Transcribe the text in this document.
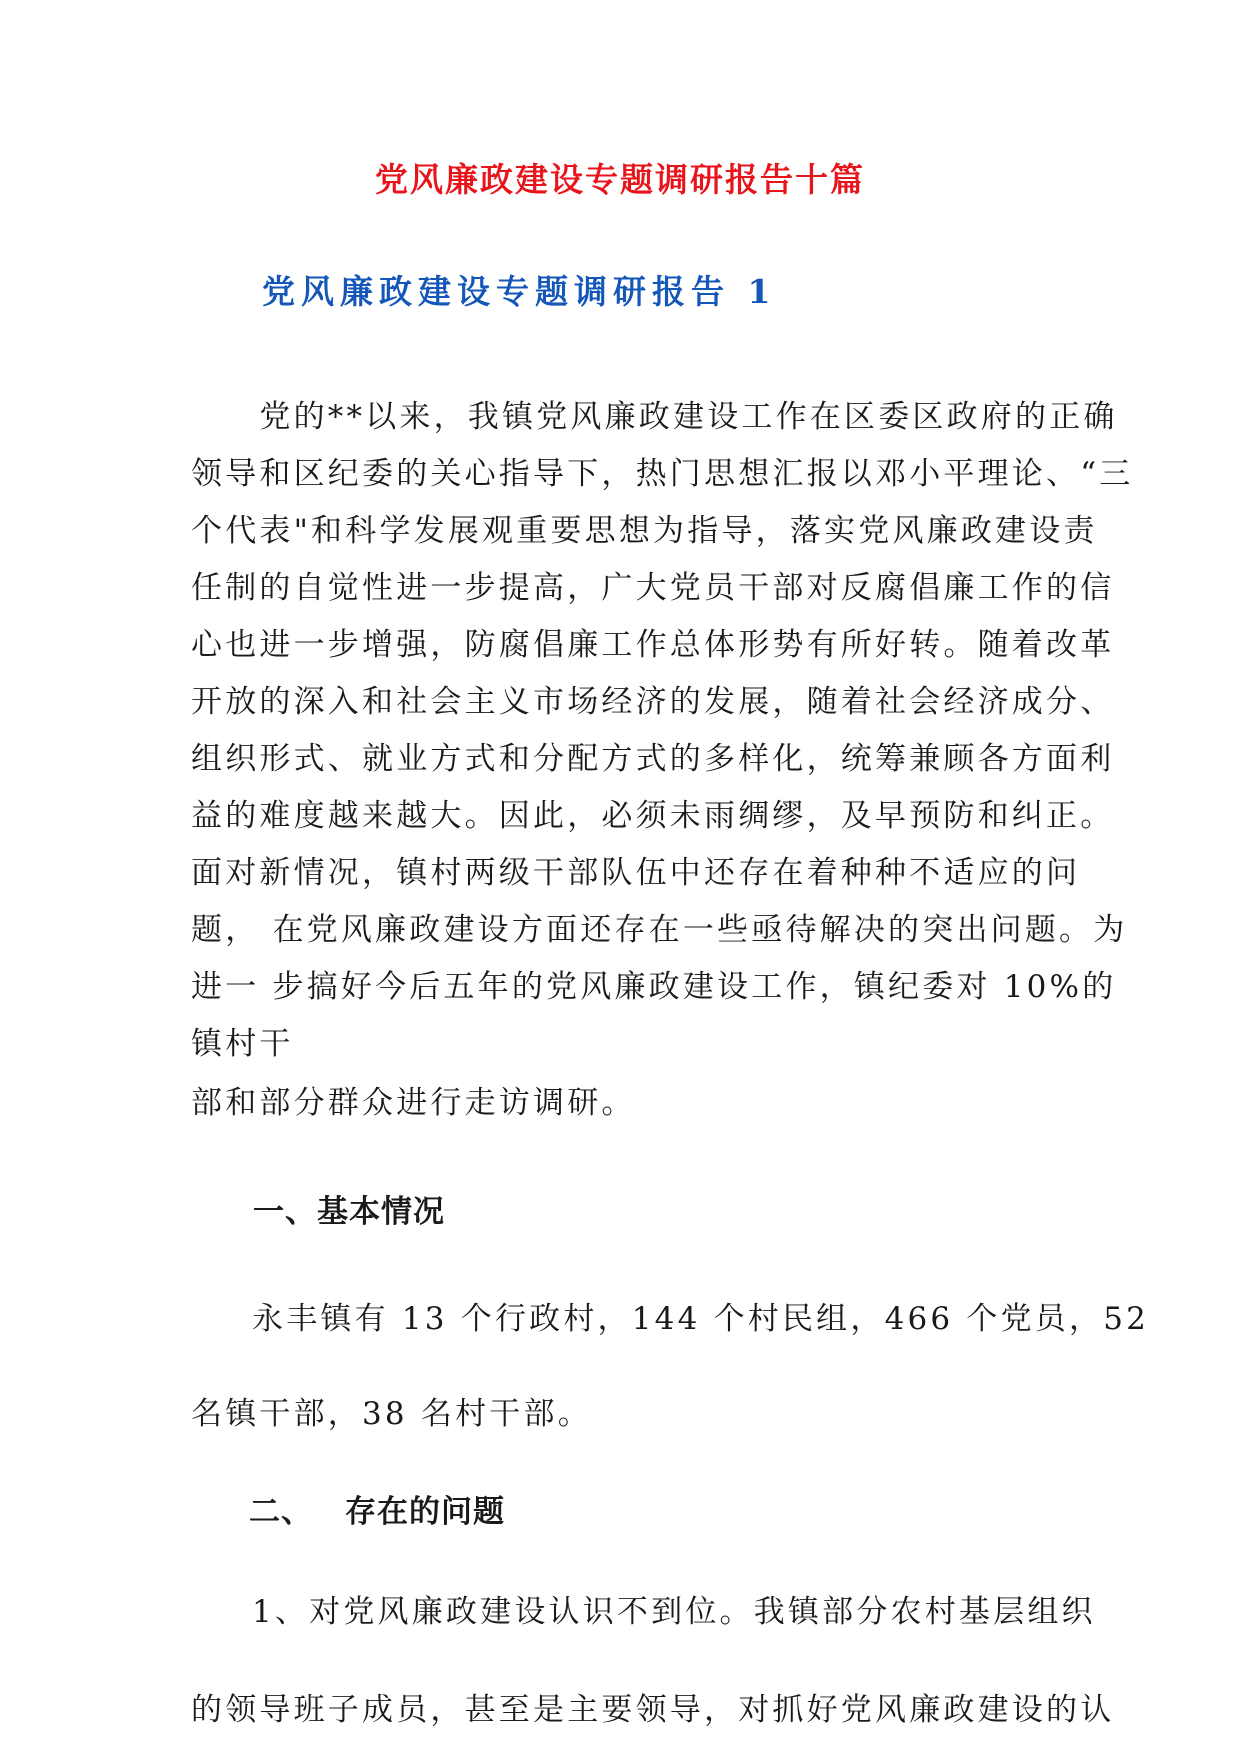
党风廉政建设专题调研报告十篇
党风廉政建设专题调研报告 1
　　党的**以来，我镇党风廉政建设工作在区委区政府的正确
领导和区纪委的关心指导下，热门思想汇报以邓小平理论、“三
个代表"和科学发展观重要思想为指导，落实党风廉政建设责
任制的自觉性进一步提高，广大党员干部对反腐倡廉工作的信
心也进一步增强，防腐倡廉工作总体形势有所好转。随着改革
开放的深入和社会主义市场经济的发展，随着社会经济成分、
组织形式、就业方式和分配方式的多样化，统筹兼顾各方面利
益的难度越来越大。因此，必须未雨绸缪，及早预防和纠正。
面对新情况，镇村两级干部队伍中还存在着种种不适应的问
题， 在党风廉政建设方面还存在一些亟待解决的突出问题。为
进一 步搞好今后五年的党风廉政建设工作，镇纪委对 10%的
镇村干
部和部分群众进行走访调研。
一、基本情况
永丰镇有 13 个行政村，144 个村民组，466 个党员，52
名镇干部，38 名村干部。
二、 存在的问题
1、对党风廉政建设认识不到位。我镇部分农村基层组织
的领导班子成员，甚至是主要领导，对抓好党风廉政建设的认
